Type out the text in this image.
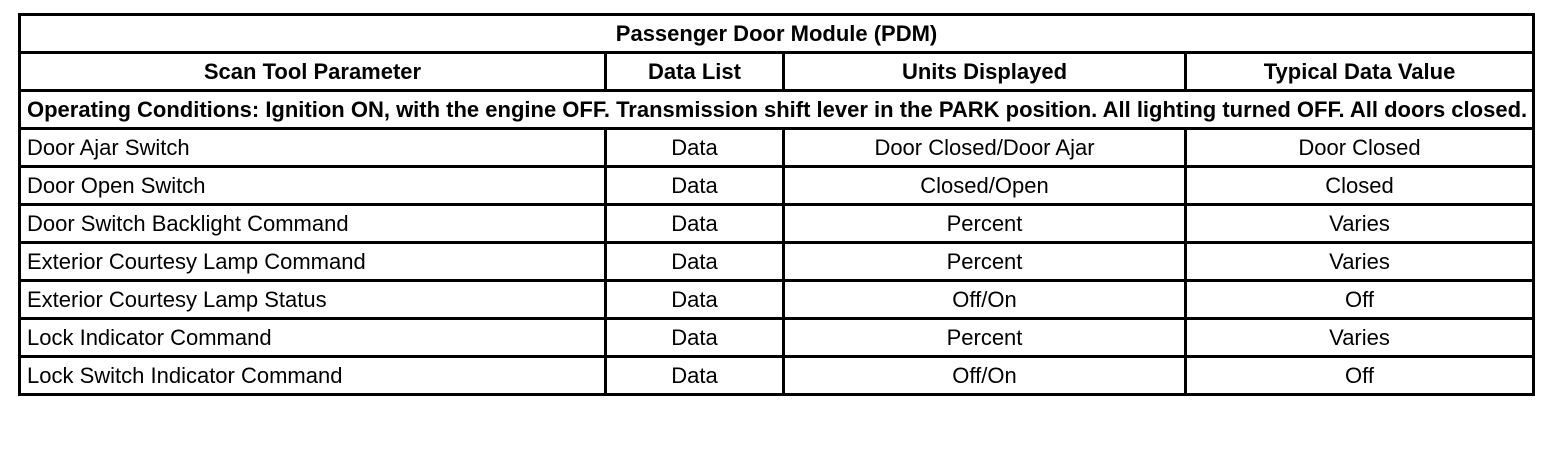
Passenger Door Module (PDM)			
Scan Tool Parameter	Data List	Units Displayed	Typical Data Value
Operating Conditions: Ignition ON, with the engine OFF. Transmission shift lever in the PARK position. All lighting turned OFF. All doors closed.			
Door Ajar Switch	Data	Door Closed/Door Ajar	Door Closed
Door Open Switch	Data	Closed/Open	Closed
Door Switch Backlight Command	Data	Percent	Varies
Exterior Courtesy Lamp Command	Data	Percent	Varies
Exterior Courtesy Lamp Status	Data	Off/On	Off
Lock Indicator Command	Data	Percent	Varies
Lock Switch Indicator Command	Data	Off/On	Off
